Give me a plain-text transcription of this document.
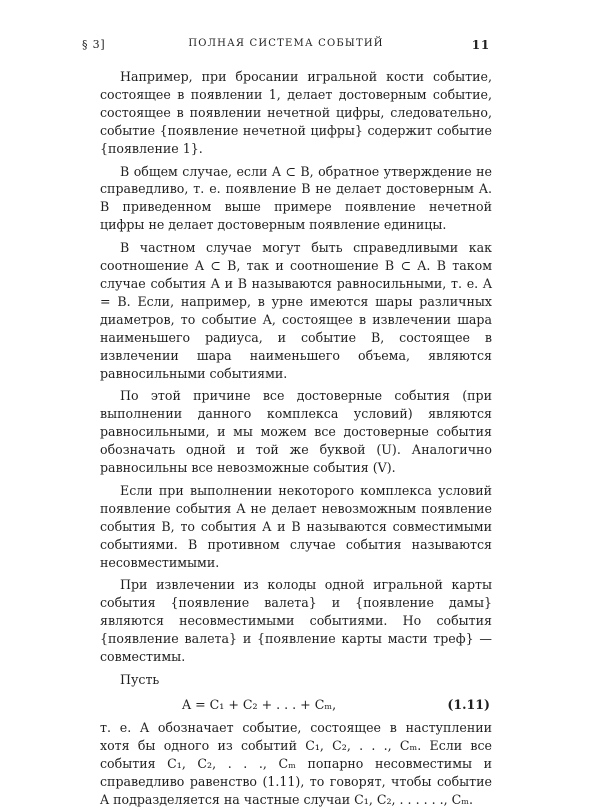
§ 3]	ПОЛНАЯ СИСТЕМА СОБЫТИЙ	11

Например, при бросании игральной кости событие, состоящее в появлении 1, делает достоверным событие, состоящее в появлении нечетной цифры, следовательно, событие {появление нечетной цифры} содержит событие {появление 1}.

В общем случае, если A ⊂ B, обратное утверждение не справедливо, т. е. появление B не делает достоверным A. В приведенном выше примере появление нечетной цифры не делает достоверным появление единицы.

В частном случае могут быть справедливыми как соотношение A ⊂ B, так и соотношение B ⊂ A. В таком случае события A и B называются равносильными, т. е. A = B. Если, например, в урне имеются шары различных диаметров, то событие A, состоящее в извлечении шара наименьшего радиуса, и событие B, состоящее в извлечении шара наименьшего объема, являются равносильными событиями.

По этой причине все достоверные события (при выполнении данного комплекса условий) являются равносильными, и мы можем все достоверные события обозначать одной и той же буквой (U). Аналогично равносильны все невозможные события (V).

Если при выполнении некоторого комплекса условий появление события A не делает невозможным появление события B, то события A и B называются совместимыми событиями. В противном случае события называются несовместимыми.

При извлечении из колоды одной игральной карты события {появление валета} и {появление дамы} являются несовместимыми событиями. Но события {появление валета} и {появление карты масти треф} — совместимы.

Пусть

A = C₁ + C₂ + . . . + Cₘ,	(1.11)

т. е. A обозначает событие, состоящее в наступлении хотя бы одного из событий C₁, C₂, . . ., Cₘ. Если все события C₁, C₂, . . ., Cₘ попарно несовместимы и справедливо равенство (1.11), то говорят, чтобы событие A подразделяется на частные случаи C₁, C₂, . . . . . ., Cₘ.
